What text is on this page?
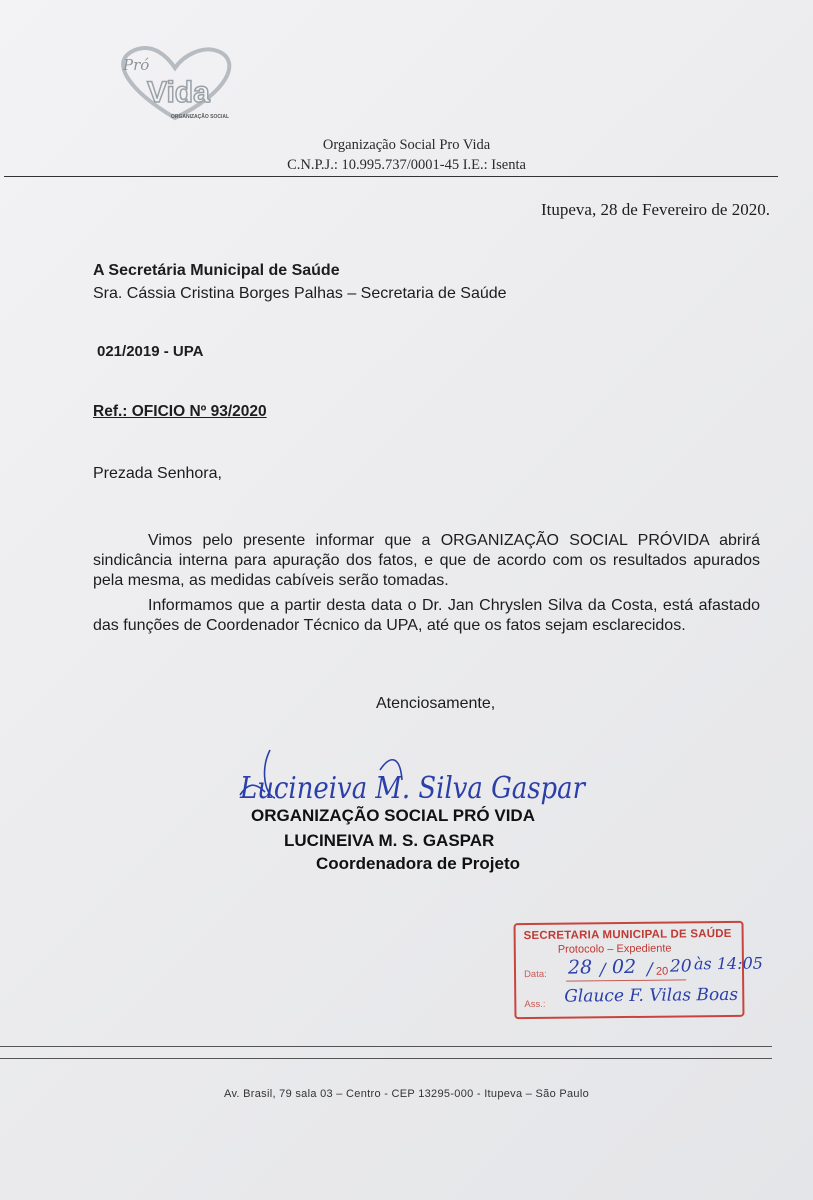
Pró
Vida
ORGANIZAÇÃO SOCIAL
Organização Social Pro Vida
C.N.P.J.: 10.995.737/0001-45 I.E.: Isenta
Itupeva, 28 de Fevereiro de 2020.
A Secretária Municipal de Saúde
Sra. Cássia Cristina Borges Palhas – Secretaria de Saúde
021/2019 - UPA
Ref.: OFICIO Nº 93/2020
Prezada Senhora,
Vimos pelo presente informar que a ORGANIZAÇÃO SOCIAL PRÓVIDA abrirá sindicância interna para apuração dos fatos, e que de acordo com os resultados apurados pela mesma, as medidas cabíveis serão tomadas.
Informamos que a partir desta data o Dr. Jan Chryslen Silva da Costa, está afastado das funções de Coordenador Técnico da UPA, até que os fatos sejam esclarecidos.
Atenciosamente,
Lucineiva M. Silva Gaspar
ORGANIZAÇÃO SOCIAL PRÓ VIDA
LUCINEIVA M. S. GASPAR
Coordenadora de Projeto
SECRETARIA MUNICIPAL DE SAÚDE
Protocolo – Expediente
Data: 28 / 02 / 20 20 às 14:05
Ass.: Glauce F. Vilas Boas
Av. Brasil, 79 sala 03 – Centro - CEP 13295-000 - Itupeva – São Paulo
